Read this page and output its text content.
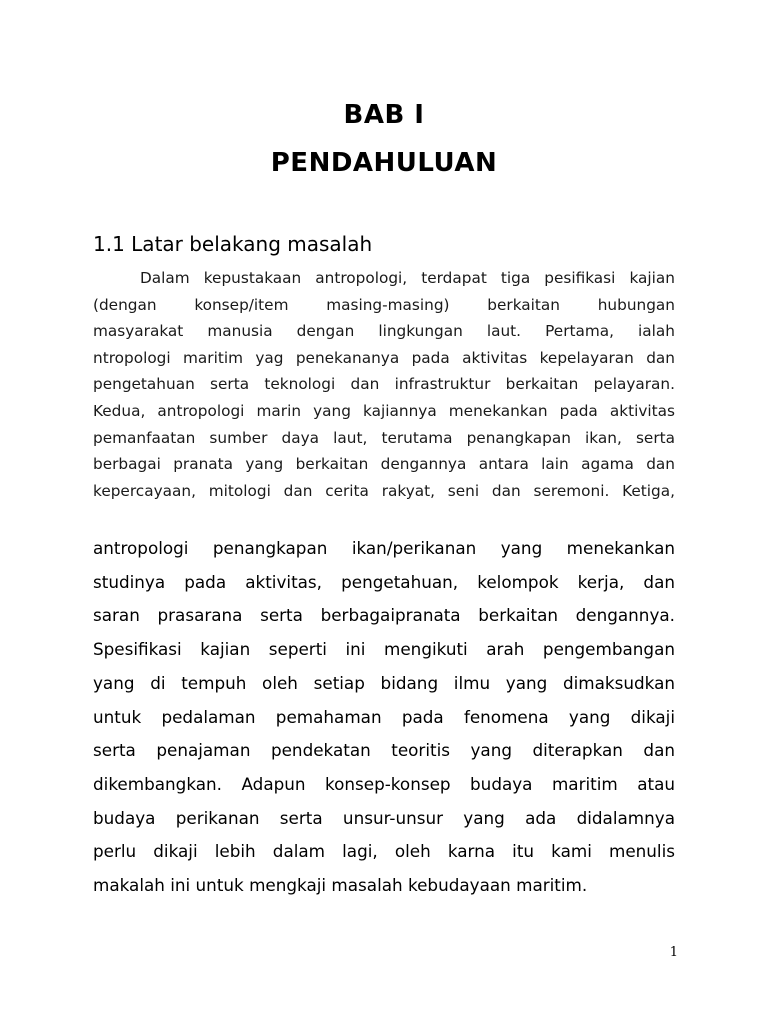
BAB I
PENDAHULUAN
1.1 Latar belakang masalah
Dalam kepustakaan antropologi, terdapat tiga pesifikasi kajian
(dengan konsep/item masing-masing) berkaitan hubungan
masyarakat manusia dengan lingkungan laut. Pertama, ialah
ntropologi maritim yag penekananya pada aktivitas kepelayaran dan
pengetahuan serta teknologi dan infrastruktur berkaitan pelayaran.
Kedua, antropologi marin yang kajiannya menekankan pada aktivitas
pemanfaatan sumber daya laut, terutama penangkapan ikan, serta
berbagai pranata yang berkaitan dengannya antara lain agama dan
kepercayaan, mitologi dan cerita rakyat, seni dan seremoni. Ketiga,
antropologi penangkapan ikan/perikanan yang menekankan
studinya pada aktivitas, pengetahuan, kelompok kerja, dan
saran prasarana serta berbagaipranata berkaitan dengannya.
Spesifikasi kajian seperti ini mengikuti arah pengembangan
yang di tempuh oleh setiap bidang ilmu yang dimaksudkan
untuk pedalaman pemahaman pada fenomena yang dikaji
serta penajaman pendekatan teoritis yang diterapkan dan
dikembangkan. Adapun konsep-konsep budaya maritim atau
budaya perikanan serta unsur-unsur yang ada didalamnya
perlu dikaji lebih dalam lagi, oleh karna itu kami menulis
makalah ini untuk mengkaji masalah kebudayaan maritim.

1
